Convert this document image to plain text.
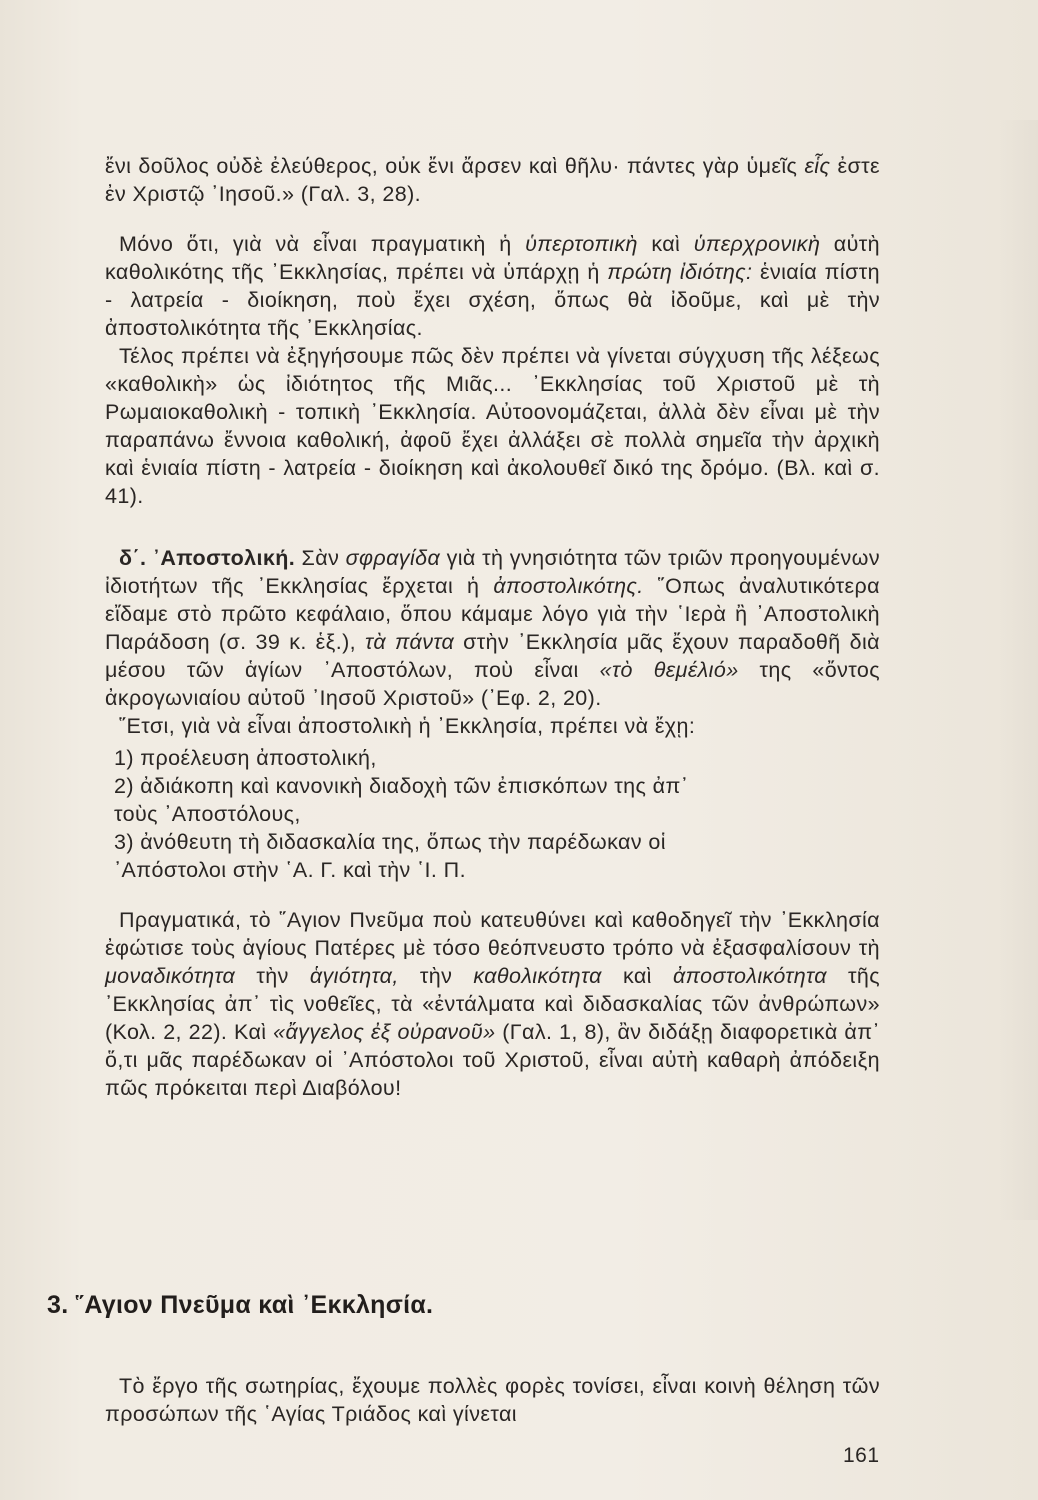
ἔνι δοῦλος οὐδὲ ἐλεύθερος, οὐκ ἔνι ἄρσεν καὶ θῆλυ· πάντες γὰρ ὑμεῖς εἷς ἐστε ἐν Χριστῷ ᾿Ιησοῦ.» (Γαλ. 3, 28).

Μόνο ὅτι, γιὰ νὰ εἶναι πραγματικὴ ἡ ὑπερτοπικὴ καὶ ὑπερχρονικὴ αὐτὴ καθολικότης τῆς ᾿Εκκλησίας, πρέπει νὰ ὑπάρχῃ ἡ πρώτη ἰδιότης: ἑνιαία πίστη - λατρεία - διοίκηση, ποὺ ἔχει σχέση, ὅπως θὰ ἰδοῦμε, καὶ μὲ τὴν ἀποστολικότητα τῆς ᾿Εκκλησίας.

Τέλος πρέπει νὰ ἐξηγήσουμε πῶς δὲν πρέπει νὰ γίνεται σύγχυση τῆς λέξεως «καθολικὴ» ὡς ἰδιότητος τῆς Μιᾶς... ᾿Εκκλησίας τοῦ Χριστοῦ μὲ τὴ Ρωμαιοκαθολικὴ - τοπικὴ ᾿Εκκλησία. Αὐτοονομάζεται, ἀλλὰ δὲν εἶναι μὲ τὴν παραπάνω ἔννοια καθολική, ἀφοῦ ἔχει ἀλλάξει σὲ πολλὰ σημεῖα τὴν ἀρχικὴ καὶ ἑνιαία πίστη - λατρεία - διοίκηση καὶ ἀκολουθεῖ δικό της δρόμο. (Βλ. καὶ σ. 41).

δ΄. ᾿Αποστολική. Σὰν σφραγίδα γιὰ τὴ γνησιότητα τῶν τριῶν προηγουμένων ἰδιοτήτων τῆς ᾿Εκκλησίας ἔρχεται ἡ ἀποστολικότης. ῞Οπως ἀναλυτικότερα εἴδαμε στὸ πρῶτο κεφάλαιο, ὅπου κάμαμε λόγο γιὰ τὴν ῾Ιερὰ ἢ ᾿Αποστολικὴ Παράδοση (σ. 39 κ. ἑξ.), τὰ πάντα στὴν ᾿Εκκλησία μᾶς ἔχουν παραδοθῆ διὰ μέσου τῶν ἁγίων ᾿Αποστόλων, ποὺ εἶναι «τὸ θεμέλιό» της «ὄντος ἀκρογωνιαίου αὐτοῦ ᾿Ιησοῦ Χριστοῦ» (᾿Εφ. 2, 20).

῞Ετσι, γιὰ νὰ εἶναι ἀποστολικὴ ἡ ᾿Εκκλησία, πρέπει νὰ ἔχῃ:

1) προέλευση ἀποστολική,

2) ἀδιάκοπη καὶ κανονικὴ διαδοχὴ τῶν ἐπισκόπων της ἀπ᾿

τοὺς ᾿Αποστόλους,

3) ἀνόθευτη τὴ διδασκαλία της, ὅπως τὴν παρέδωκαν οἱ

᾿Απόστολοι στὴν ῾Α. Γ. καὶ τὴν ῾Ι. Π.

Πραγματικά, τὸ ῞Αγιον Πνεῦμα ποὺ κατευθύνει καὶ καθοδηγεῖ τὴν ᾿Εκκλησία ἐφώτισε τοὺς ἁγίους Πατέρες μὲ τόσο θεόπνευστο τρόπο νὰ ἐξασφαλίσουν τὴ μοναδικότητα τὴν ἁγιότητα, τὴν καθολικότητα καὶ ἀποστολικότητα τῆς ᾿Εκκλησίας ἀπ᾿ τὶς νοθεῖες, τὰ «ἐντάλματα καὶ διδασκαλίας τῶν ἀνθρώπων» (Κολ. 2, 22). Καὶ «ἄγγελος ἐξ οὐρανοῦ» (Γαλ. 1, 8), ἂν διδάξῃ διαφορετικὰ ἀπ᾿ ὅ,τι μᾶς παρέδωκαν οἱ ᾿Απόστολοι τοῦ Χριστοῦ, εἶναι αὐτὴ καθαρὴ ἀπόδειξη πῶς πρόκειται περὶ Διαβόλου!

3. ῞Αγιον Πνεῦμα καὶ ᾿Εκκλησία.

Τὸ ἔργο τῆς σωτηρίας, ἔχουμε πολλὲς φορὲς τονίσει, εἶναι κοινὴ θέληση τῶν προσώπων τῆς ῾Αγίας Τριάδος καὶ γίνεται

161
